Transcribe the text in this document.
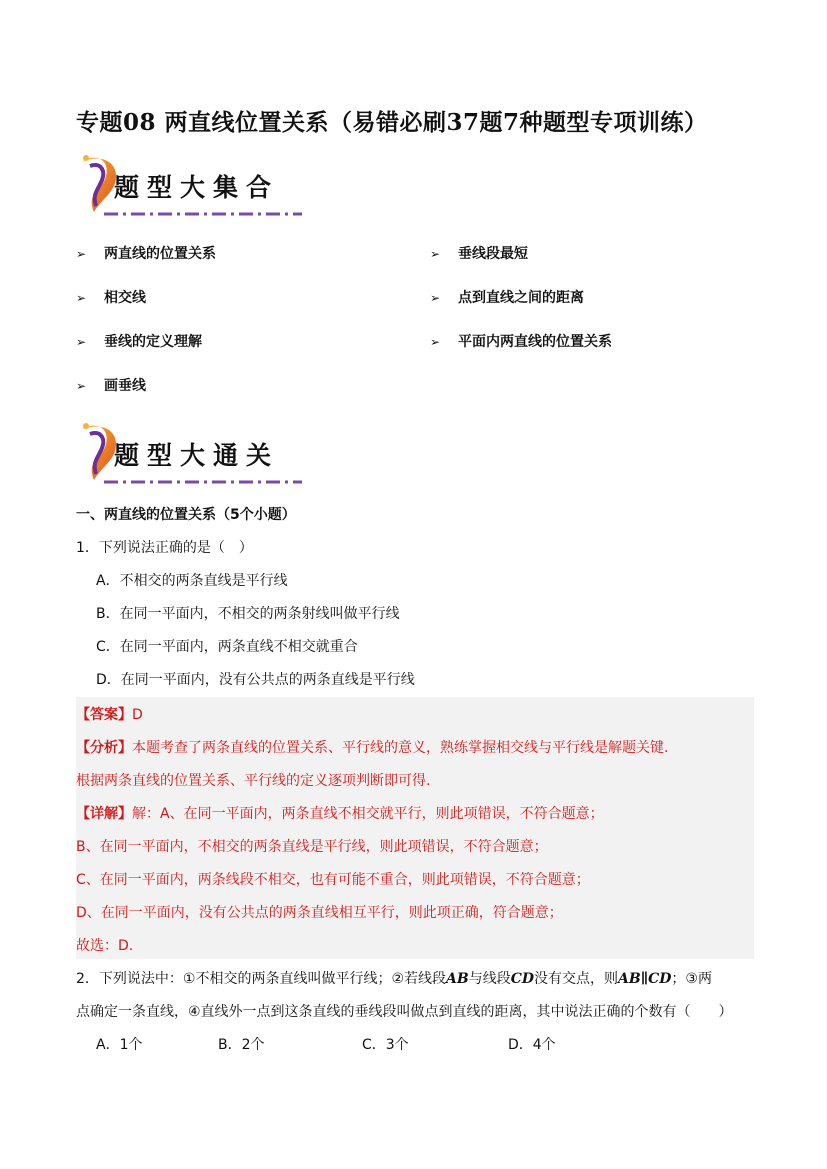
专题08 两直线位置关系（易错必刷37题7种题型专项训练）
题型大集合
➢ 两直线的位置关系	➢ 垂线段最短
➢ 相交线	➢ 点到直线之间的距离
➢ 垂线的定义理解	➢ 平面内两直线的位置关系
➢ 画垂线
题型大通关
一、两直线的位置关系（5个小题）
1．下列说法正确的是（　）
A．不相交的两条直线是平行线
B．在同一平面内，不相交的两条射线叫做平行线
C．在同一平面内，两条直线不相交就重合
D．在同一平面内，没有公共点的两条直线是平行线
【答案】D
【分析】本题考查了两条直线的位置关系、平行线的意义，熟练掌握相交线与平行线是解题关键.
根据两条直线的位置关系、平行线的定义逐项判断即可得.
【详解】解：A、在同一平面内，两条直线不相交就平行，则此项错误，不符合题意；
B、在同一平面内，不相交的两条直线是平行线，则此项错误，不符合题意；
C、在同一平面内，两条线段不相交，也有可能不重合，则此项错误，不符合题意；
D、在同一平面内，没有公共点的两条直线相互平行，则此项正确，符合题意；
故选：D.
2．下列说法中：①不相交的两条直线叫做平行线；②若线段AB与线段CD没有交点，则AB∥CD；③两
点确定一条直线，④直线外一点到这条直线的垂线段叫做点到直线的距离，其中说法正确的个数有（　　）
A．1个	B．2个	C．3个	D．4个
